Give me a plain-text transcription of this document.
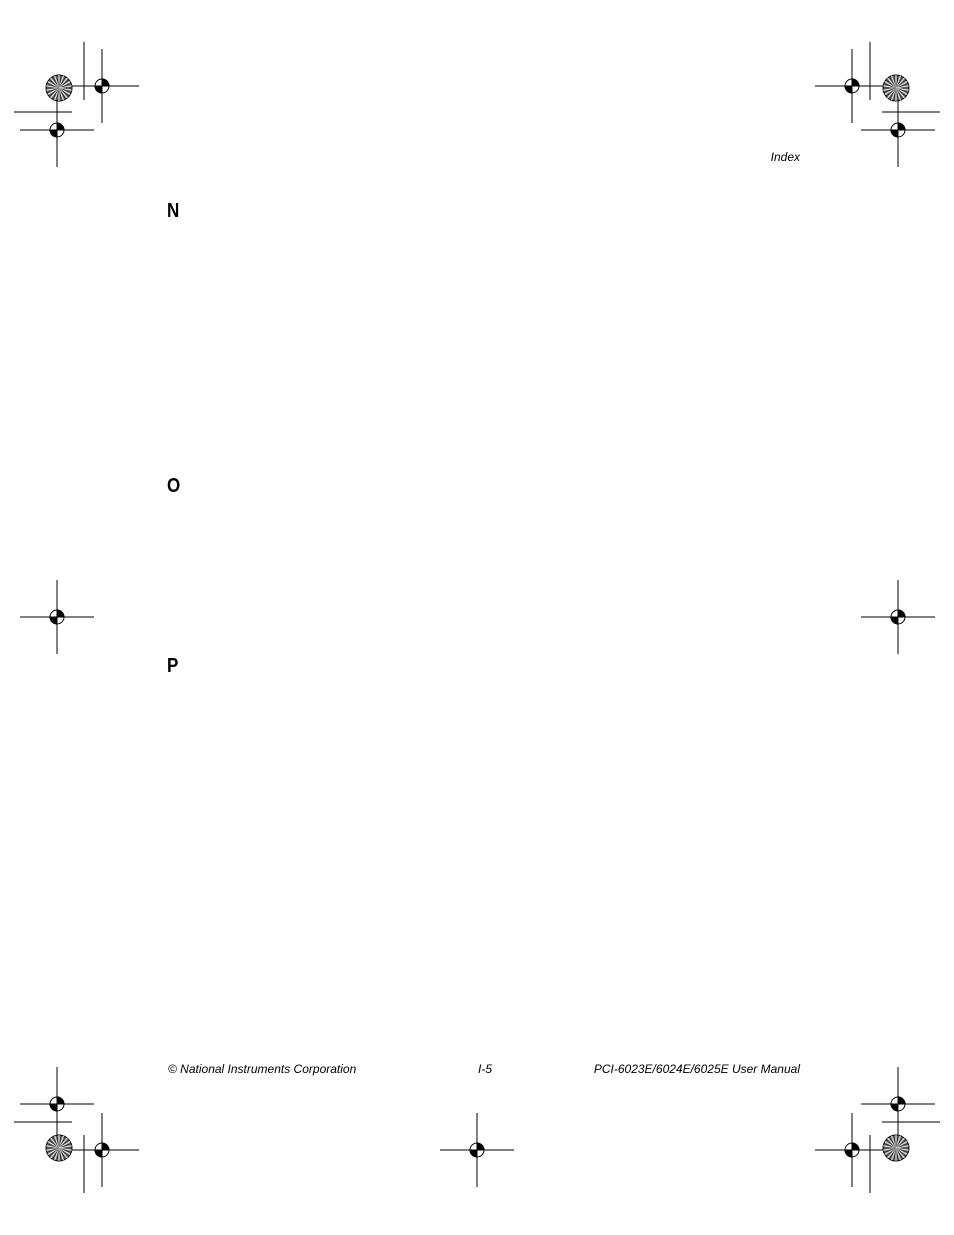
Index
N
O
P
© National Instruments Corporation	I-5	PCI-6023E/6024E/6025E User Manual
